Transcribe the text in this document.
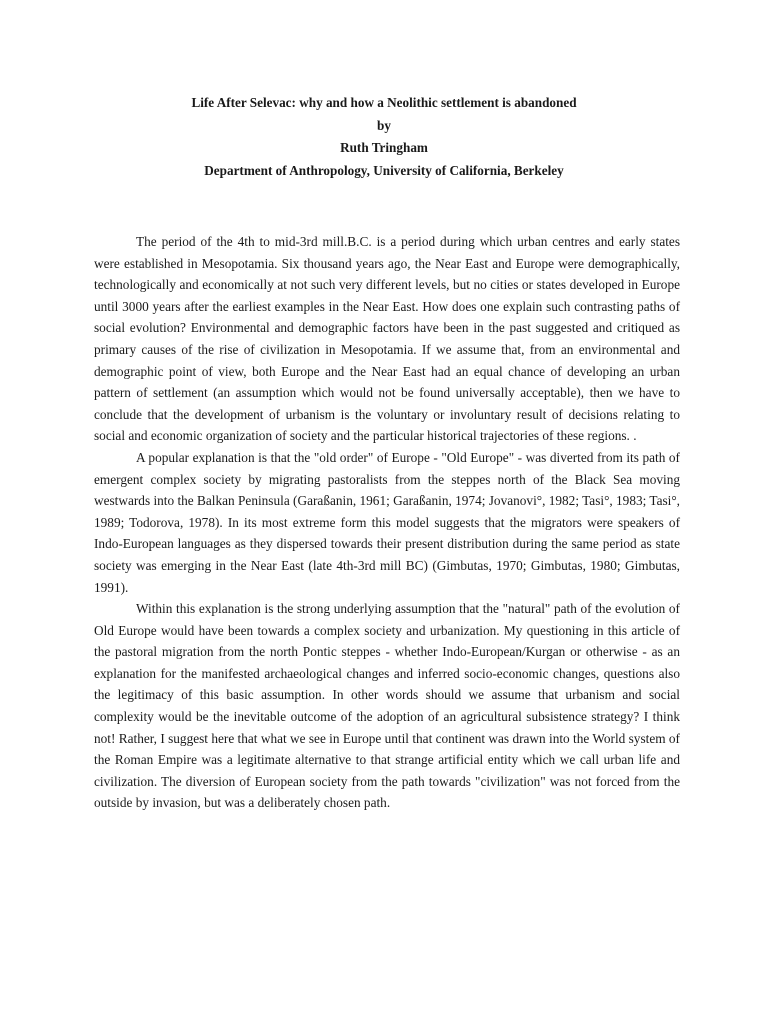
Life After Selevac: why and how a Neolithic settlement is abandoned
by
Ruth Tringham
Department of Anthropology, University of California, Berkeley

The period of the 4th to mid-3rd mill.B.C. is a period during which urban centres and early states were established in Mesopotamia. Six thousand years ago, the Near East and Europe were demographically, technologically and economically at not such very different levels, but no cities or states developed in Europe until 3000 years after the earliest examples in the Near East. How does one explain such contrasting paths of social evolution? Environmental and demographic factors have been in the past suggested and critiqued as primary causes of the rise of civilization in Mesopotamia. If we assume that, from an environmental and demographic point of view, both Europe and the Near East had an equal chance of developing an urban pattern of settlement (an assumption which would not be found universally acceptable), then we have to conclude that the development of urbanism is the voluntary or involuntary result of decisions relating to social and economic organization of society and the particular historical trajectories of these regions. .

A popular explanation is that the "old order" of Europe - "Old Europe" - was diverted from its path of emergent complex society by migrating pastoralists from the steppes north of the Black Sea moving westwards into the Balkan Peninsula (Garaßanin, 1961; Garaßanin, 1974; Jovanovi°, 1982; Tasi°, 1983; Tasi°, 1989; Todorova, 1978). In its most extreme form this model suggests that the migrators were speakers of Indo-European languages as they dispersed towards their present distribution during the same period as state society was emerging in the Near East (late 4th-3rd mill BC) (Gimbutas, 1970; Gimbutas, 1980; Gimbutas, 1991).

Within this explanation is the strong underlying assumption that the "natural" path of the evolution of Old Europe would have been towards a complex society and urbanization. My questioning in this article of the pastoral migration from the north Pontic steppes - whether Indo-European/Kurgan or otherwise - as an explanation for the manifested archaeological changes and inferred socio-economic changes, questions also the legitimacy of this basic assumption. In other words should we assume that urbanism and social complexity would be the inevitable outcome of the adoption of an agricultural subsistence strategy? I think not! Rather, I suggest here that what we see in Europe until that continent was drawn into the World system of the Roman Empire was a legitimate alternative to that strange artificial entity which we call urban life and civilization. The diversion of European society from the path towards "civilization" was not forced from the outside by invasion, but was a deliberately chosen path.
